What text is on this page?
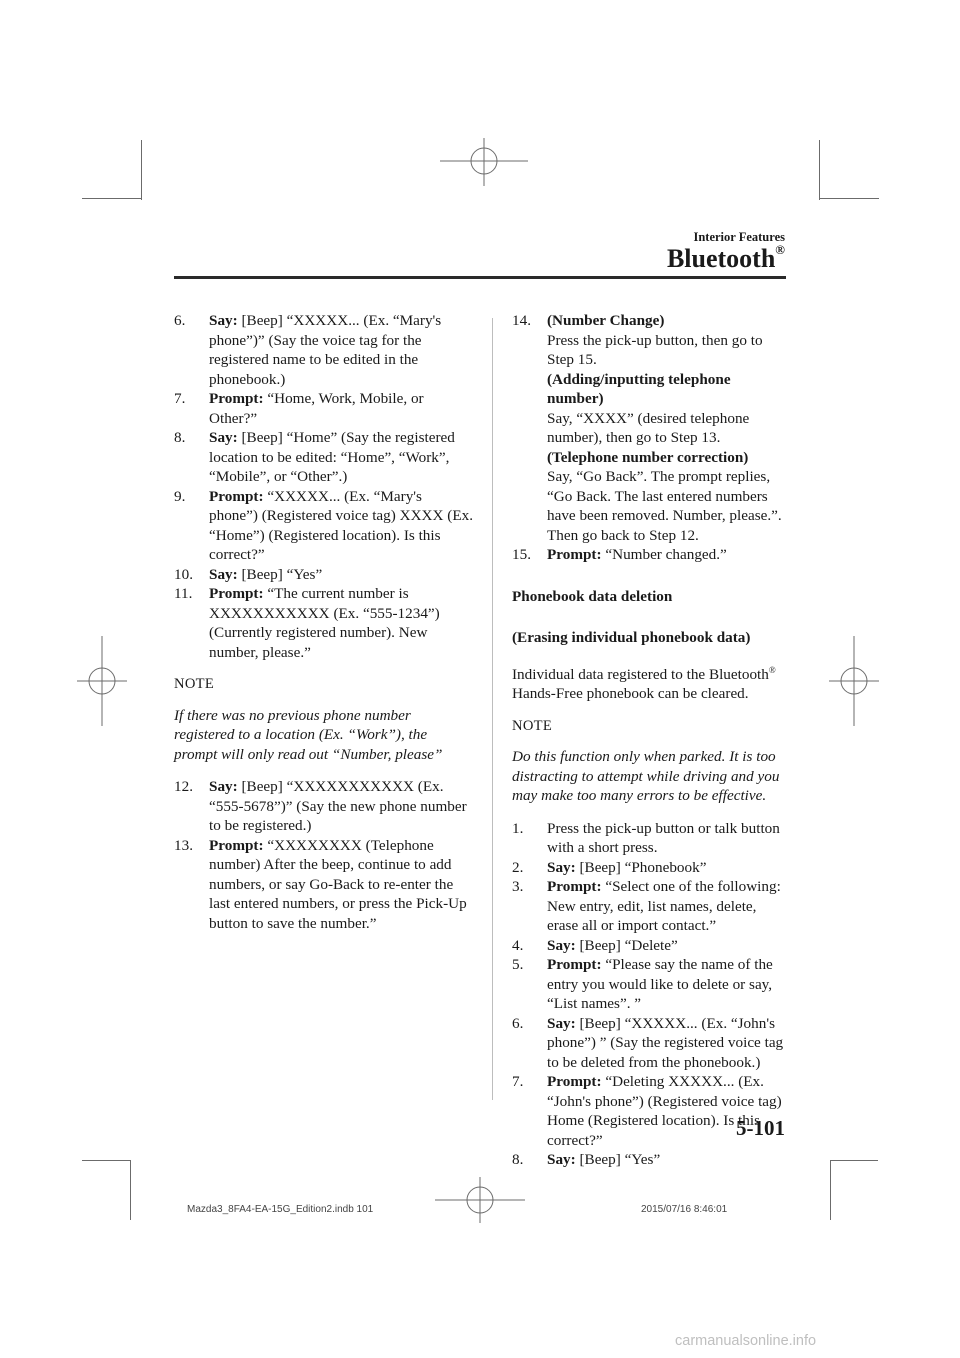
Interior Features
Bluetooth®
6. Say: [Beep] “XXXXX... (Ex. “Mary's phone”)” (Say the voice tag for the registered name to be edited in the phonebook.)
7. Prompt: “Home, Work, Mobile, or Other?”
8. Say: [Beep] “Home” (Say the registered location to be edited: “Home”, “Work”, “Mobile”, or “Other”.)
9. Prompt: “XXXXX... (Ex. “Mary's phone”) (Registered voice tag) XXXX (Ex. “Home”) (Registered location). Is this correct?”
10. Say: [Beep] “Yes”
11. Prompt: “The current number is XXXXXXXXXXX (Ex. “555-1234”) (Currently registered number). New number, please.”
NOTE

If there was no previous phone number registered to a location (Ex. “Work”), the prompt will only read out “Number, please”

12. Say: [Beep] “XXXXXXXXXXX (Ex. “555-5678”)” (Say the new phone number to be registered.)
13. Prompt: “XXXXXXXX (Telephone number) After the beep, continue to add numbers, or say Go-Back to re-enter the last entered numbers, or press the Pick-Up button to save the number.”
14. (Number Change)
Press the pick-up button, then go to Step 15.
(Adding/inputting telephone number)
Say, “XXXX” (desired telephone number), then go to Step 13.
(Telephone number correction)
Say, “Go Back”. The prompt replies, “Go Back. The last entered numbers have been removed. Number, please.”. Then go back to Step 12.
15. Prompt: “Number changed.”
Phonebook data deletion
(Erasing individual phonebook data)

Individual data registered to the Bluetooth® Hands-Free phonebook can be cleared.

NOTE

Do this function only when parked. It is too distracting to attempt while driving and you may make too many errors to be effective.

1. Press the pick-up button or talk button with a short press.
2. Say: [Beep] “Phonebook”
3. Prompt: “Select one of the following: New entry, edit, list names, delete, erase all or import contact.”
4. Say: [Beep] “Delete”
5. Prompt: “Please say the name of the entry you would like to delete or say, “List names”. ”
6. Say: [Beep] “XXXXX... (Ex. “John's phone”) ” (Say the registered voice tag to be deleted from the phonebook.)
7. Prompt: “Deleting XXXXX... (Ex. “John's phone”) (Registered voice tag) Home (Registered location). Is this correct?”
8. Say: [Beep] “Yes”
5-101
Mazda3_8FA4-EA-15G_Edition2.indb 101	2015/07/16 8:46:01
carmanualsonline.info
